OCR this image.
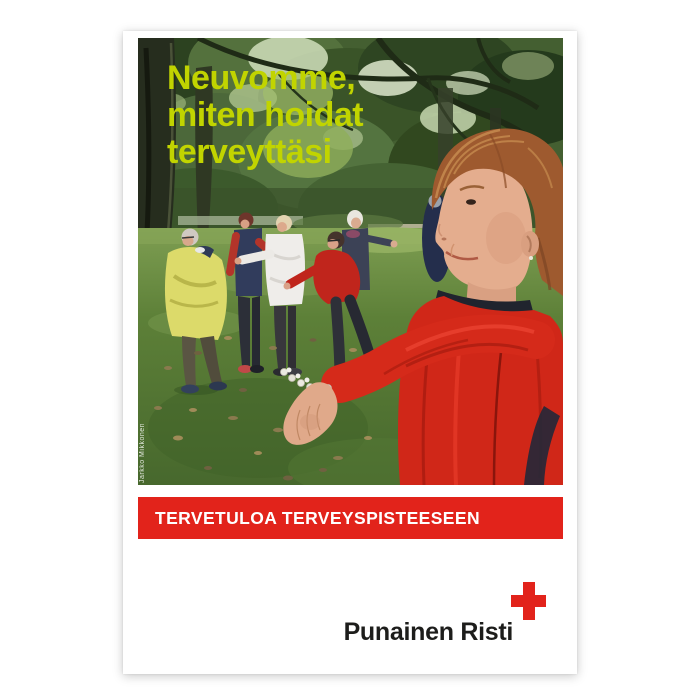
Neuvomme,
miten hoidat
terveyttäsi
Jarkko Mikkonen
TERVETULOA TERVEYSPISTEESEEN
Punainen Risti
